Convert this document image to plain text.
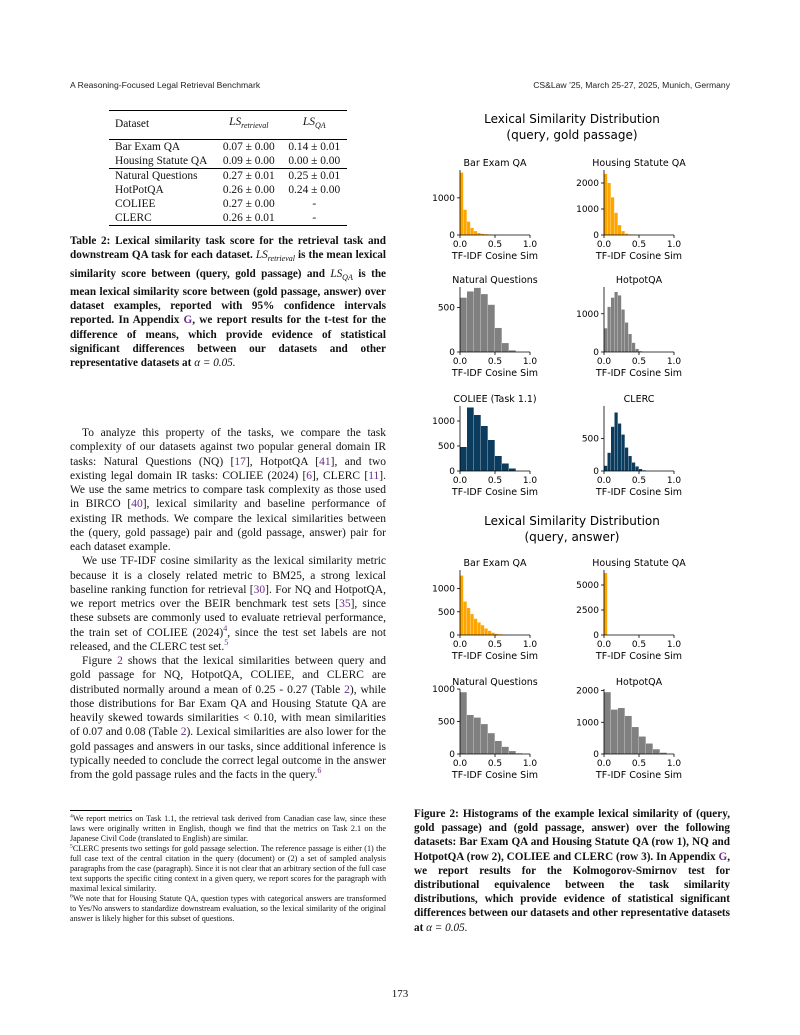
A Reasoning-Focused Legal Retrieval Benchmark	CS&Law ’25, March 25-27, 2025, Munich, Germany
Dataset	$LS_{retrieval}$	$LS_{QA}$
Bar Exam QA	0.07 ± 0.00	0.14 ± 0.01
Housing Statute QA	0.09 ± 0.00	0.00 ± 0.00
Natural Questions	0.27 ± 0.01	0.25 ± 0.01
HotPotQA	0.26 ± 0.00	0.24 ± 0.00
COLIEE	0.27 ± 0.00	-
CLERC	0.26 ± 0.01	-
Table 2: Lexical similarity task score for the retrieval task and downstream QA task for each dataset. $LS_{retrieval}$ is the mean lexical similarity score between (query, gold passage) and $LS_{QA}$ is the mean lexical similarity score between (gold passage, answer) over dataset examples, reported with 95% confidence intervals reported. In Appendix G, we report results for the t-test for the difference of means, which provide evidence of statistical significant differences between our datasets and other representative datasets at α = 0.05.

To analyze this property of the tasks, we compare the task complexity of our datasets against two popular general domain IR tasks: Natural Questions (NQ) [17], HotpotQA [41], and two existing legal domain IR tasks: COLIEE (2024) [6], CLERC [11]. We use the same metrics to compare task complexity as those used in BIRCO [40], lexical similarity and baseline performance of existing IR methods. We compare the lexical similarities between the (query, gold passage) pair and (gold passage, answer) pair for each dataset example.

We use TF-IDF cosine similarity as the lexical similarity metric because it is a closely related metric to BM25, a strong lexical baseline ranking function for retrieval [30]. For NQ and HotpotQA, we report metrics over the BEIR benchmark test sets [35], since these subsets are commonly used to evaluate retrieval performance, the train set of COLIEE $(2024)^4$, since the test set labels are not released, and the CLERC test set.$^5$

Figure 2 shows that the lexical similarities between query and gold passage for NQ, HotpotQA, COLIEE, and CLERC are distributed normally around a mean of 0.25 - 0.27 (Table 2), while those distributions for Bar Exam QA and Housing Statute QA are heavily skewed towards similarities < 0.10, with mean similarities of 0.07 and 0.08 (Table 2). Lexical similarities are also lower for the gold passages and answers in our tasks, since additional inference is typically needed to conclude the correct legal outcome in the answer from the gold passage rules and the facts in the query.$^6$

$^4$We report metrics on Task 1.1, the retrieval task derived from Canadian case law, since these laws were originally written in English, though we find that the metrics on Task 2.1 on the Japanese Civil Code (translated to English) are similar.

$^5$CLERC presents two settings for gold passage selection. The reference passage is either (1) the full case text of the central citation in the query (document) or (2) a set of sampled analysis paragraphs from the case (paragraph). Since it is not clear that an arbitrary section of the full case text supports the specific citing context in a given query, we report scores for the paragraph with maximal lexical similarity.

$^6$We note that for Housing Statute QA, question types with categorical answers are transformed to Yes/No answers to standardize downstream evaluation, so the lexical similarity of the original answer is likely higher for this subset of questions.

Lexical Similarity Distribution
(query, gold passage)
Bar Exam QA
0.0 0.5 1.0
0
1000
TF-IDF Cosine Sim
Housing Statute QA
0.0 0.5 1.0
0
1000
2000
TF-IDF Cosine Sim
Natural Questions
0.0 0.5 1.0
0
500
TF-IDF Cosine Sim
HotpotQA
0.0 0.5 1.0
0
1000
TF-IDF Cosine Sim
COLIEE (Task 1.1)
0.0 0.5 1.0
0
500
1000
TF-IDF Cosine Sim
CLERC
0.0 0.5 1.0
0
500
TF-IDF Cosine Sim
Lexical Similarity Distribution
(query, answer)
Bar Exam QA
0.0 0.5 1.0
0
500
1000
TF-IDF Cosine Sim
Housing Statute QA
0.0 0.5 1.0
0
2500
5000
TF-IDF Cosine Sim
Natural Questions
0.0 0.5 1.0
0
500
1000
TF-IDF Cosine Sim
HotpotQA
0.0 0.5 1.0
0
1000
2000
TF-IDF Cosine Sim
Figure 2: Histograms of the example lexical similarity of (query, gold passage) and (gold passage, answer) over the following datasets: Bar Exam QA and Housing Statute QA (row 1), NQ and HotpotQA (row 2), COLIEE and CLERC (row 3). In Appendix G, we report results for the Kolmogorov-Smirnov test for distributional equivalence between the task similarity distributions, which provide evidence of statistical significant differences between our datasets and other representative datasets at α = 0.05.
173
